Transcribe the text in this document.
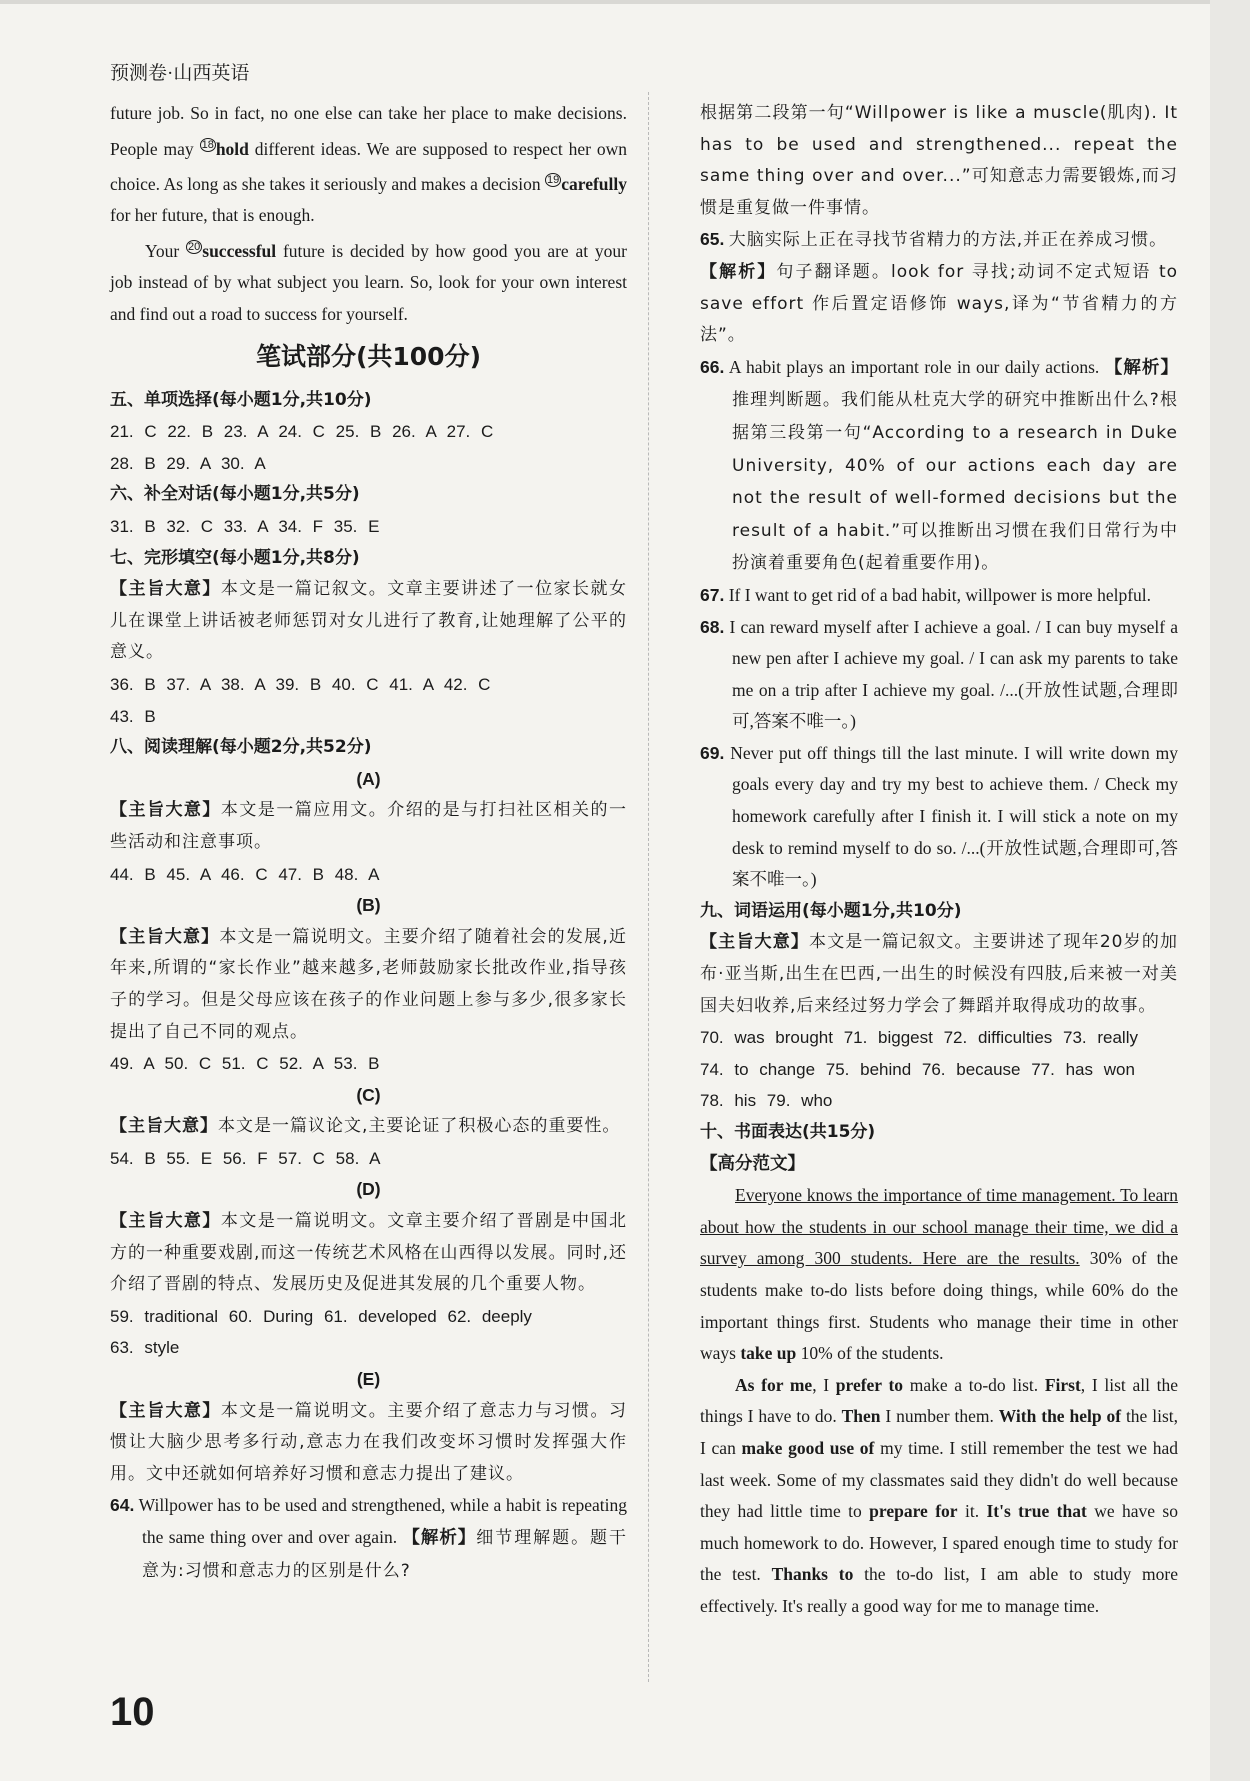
预测卷·山西英语

future job. So in fact, no one else can take her place to make decisions. People may $^{18}$ hold different ideas. We are supposed to respect her own choice. As long as she takes it seriously and makes a decision $^{19}$ carefully for her future, that is enough.

Your $^{20}$ successful future is decided by how good you are at your job instead of by what subject you learn. So, look for your own interest and find out a road to success for yourself.

笔试部分(共100分)
五、单项选择(每小题1分,共10分)
21. C 22. B 23. A 24. C 25. B 26. A 27. C
28. B 29. A 30. A
六、补全对话(每小题1分,共5分)
31. B 32. C 33. A 34. F 35. E
七、完形填空(每小题1分,共8分)

【主旨大意】本文是一篇记叙文。文章主要讲述了一位家长就女儿在课堂上讲话被老师惩罚对女儿进行了教育,让她理解了公平的意义。

36. B 37. A 38. A 39. B 40. C 41. A 42. C
43. B
八、阅读理解(每小题2分,共52分)
(A)

【主旨大意】本文是一篇应用文。介绍的是与打扫社区相关的一些活动和注意事项。

44. B 45. A 46. C 47. B 48. A
(B)

【主旨大意】本文是一篇说明文。主要介绍了随着社会的发展,近年来,所谓的“家长作业”越来越多,老师鼓励家长批改作业,指导孩子的学习。但是父母应该在孩子的作业问题上参与多少,很多家长提出了自己不同的观点。

49. A 50. C 51. C 52. A 53. B
(C)

【主旨大意】本文是一篇议论文,主要论证了积极心态的重要性。

54. B 55. E 56. F 57. C 58. A
(D)

【主旨大意】本文是一篇说明文。文章主要介绍了晋剧是中国北方的一种重要戏剧,而这一传统艺术风格在山西得以发展。同时,还介绍了晋剧的特点、发展历史及促进其发展的几个重要人物。

59. traditional 60. During 61. developed 62. deeply
63. style
(E)

【主旨大意】本文是一篇说明文。主要介绍了意志力与习惯。习惯让大脑少思考多行动,意志力在我们改变坏习惯时发挥强大作用。文中还就如何培养好习惯和意志力提出了建议。

64. Willpower has to be used and strengthened, while a habit is repeating the same thing over and over again. 【解析】细节理解题。题干意为:习惯和意志力的区别是什么?

根据第二段第一句“Willpower is like a muscle(肌肉). It has to be used and strengthened... repeat the same thing over and over...”可知意志力需要锻炼,而习惯是重复做一件事情。

65. 大脑实际上正在寻找节省精力的方法,并正在养成习惯。

【解析】句子翻译题。look for 寻找;动词不定式短语 to save effort 作后置定语修饰 ways,译为“节省精力的方法”。

66. A habit plays an important role in our daily actions. 【解析】推理判断题。我们能从杜克大学的研究中推断出什么?根据第三段第一句“According to a research in Duke University, 40% of our actions each day are not the result of well-formed decisions but the result of a habit.”可以推断出习惯在我们日常行为中扮演着重要角色(起着重要作用)。

67. If I want to get rid of a bad habit, willpower is more helpful.

68. I can reward myself after I achieve a goal. / I can buy myself a new pen after I achieve my goal. / I can ask my parents to take me on a trip after I achieve my goal. /...(开放性试题,合理即可,答案不唯一。)

69. Never put off things till the last minute. I will write down my goals every day and try my best to achieve them. / Check my homework carefully after I finish it. I will stick a note on my desk to remind myself to do so. /...(开放性试题,合理即可,答案不唯一。)

九、词语运用(每小题1分,共10分)

【主旨大意】本文是一篇记叙文。主要讲述了现年20岁的加布·亚当斯,出生在巴西,一出生的时候没有四肢,后来被一对美国夫妇收养,后来经过努力学会了舞蹈并取得成功的故事。

70. was brought 71. biggest 72. difficulties 73. really
74. to change 75. behind 76. because 77. has won
78. his 79. who
十、书面表达(共15分)
【高分范文】

Everyone knows the importance of time management. To learn about how the students in our school manage their time, we did a survey among 300 students. Here are the results. 30% of the students make to-do lists before doing things, while 60% do the important things first. Students who manage their time in other ways take up 10% of the students.

As for me, I prefer to make a to-do list. First, I list all the things I have to do. Then I number them. With the help of the list, I can make good use of my time. I still remember the test we had last week. Some of my classmates said they didn't do well because they had little time to prepare for it. It's true that we have so much homework to do. However, I spared enough time to study for the test. Thanks to the to-do list, I am able to study more effectively. It's really a good way for me to manage time.

10
